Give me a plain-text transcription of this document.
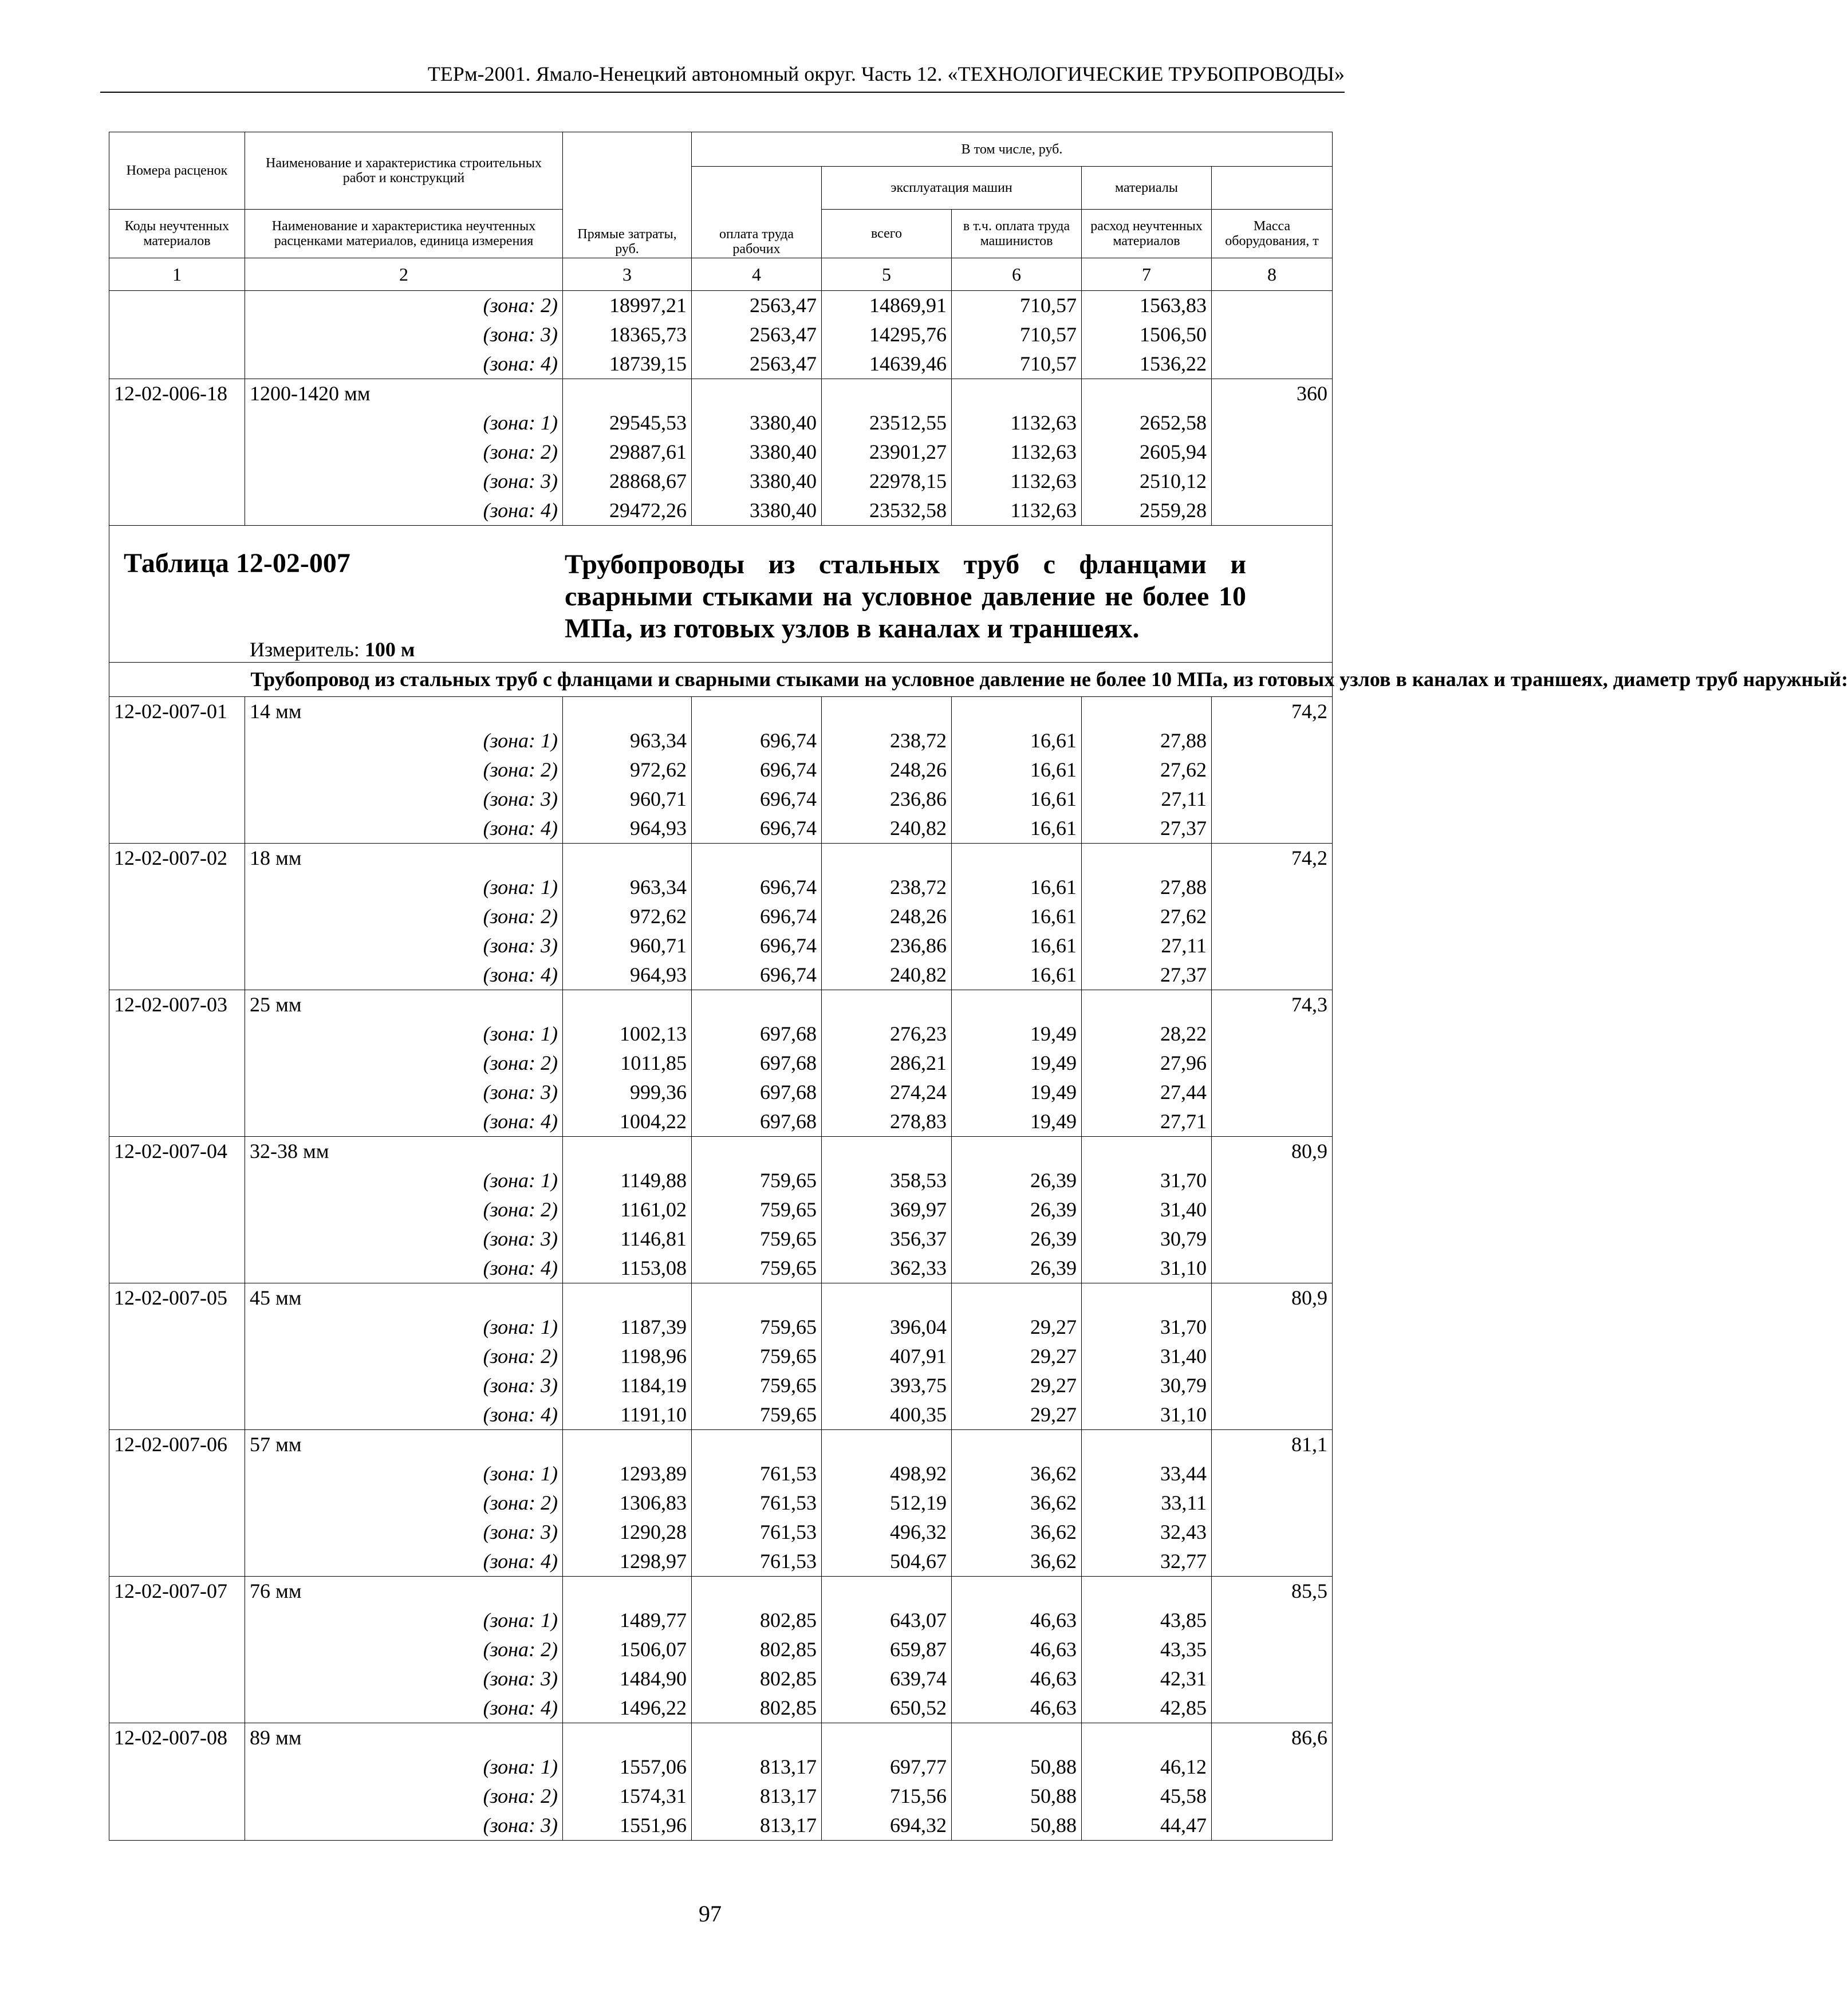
ТЕРм-2001. Ямало-Ненецкий автономный округ. Часть 12. «ТЕХНОЛОГИЧЕСКИЕ ТРУБОПРОВОДЫ»
Номера расценок	Наименование и характеристика строительных работ и конструкций	Прямые затраты, руб.	В том числе, руб.	

			оплата труда рабочих	эксплуатация машин		материалы		
Коды неучтенных материалов	Наименование и характеристика неучтенных расценками материалов, единица измерения			всего	в т.ч. оплата труда машинистов	расход неучтенных материалов	Масса оборудования, т	
1	2	3	4	5	6	7	8	
	(зона: 2)	18997,21	2563,47	14869,91	710,57	1563,83		
	(зона: 3)	18365,73	2563,47	14295,76	710,57	1506,50		
	(зона: 4)	18739,15	2563,47	14639,46	710,57	1536,22		
12-02-006-18	1200-1420 мм						360	
	(зона: 1)	29545,53	3380,40	23512,55	1132,63	2652,58		
	(зона: 2)	29887,61	3380,40	23901,27	1132,63	2605,94		
	(зона: 3)	28868,67	3380,40	22978,15	1132,63	2510,12		
	(зона: 4)	29472,26	3380,40	23532,58	1132,63	2559,28		

Таблица 12-02-007 Трубопроводы из стальных труб с фланцами и сварными стыками на условное давление не более 10 МПа, из готовых узлов в каналах и траншеях.
Измеритель: 100 м								

	Трубопровод из стальных труб с фланцами и сварными стыками на условное давление не более 10 МПа, из готовых узлов в каналах и траншеях, диаметр труб наружный:							
12-02-007-01	14 мм						74,2	
	(зона: 1)	963,34	696,74	238,72	16,61	27,88		
	(зона: 2)	972,62	696,74	248,26	16,61	27,62		
	(зона: 3)	960,71	696,74	236,86	16,61	27,11		
	(зона: 4)	964,93	696,74	240,82	16,61	27,37		
12-02-007-02	18 мм						74,2	
	(зона: 1)	963,34	696,74	238,72	16,61	27,88		
	(зона: 2)	972,62	696,74	248,26	16,61	27,62		
	(зона: 3)	960,71	696,74	236,86	16,61	27,11		
	(зона: 4)	964,93	696,74	240,82	16,61	27,37		
12-02-007-03	25 мм						74,3	
	(зона: 1)	1002,13	697,68	276,23	19,49	28,22		
	(зона: 2)	1011,85	697,68	286,21	19,49	27,96		
	(зона: 3)	999,36	697,68	274,24	19,49	27,44		
	(зона: 4)	1004,22	697,68	278,83	19,49	27,71		
12-02-007-04	32-38 мм						80,9	
	(зона: 1)	1149,88	759,65	358,53	26,39	31,70		
	(зона: 2)	1161,02	759,65	369,97	26,39	31,40		
	(зона: 3)	1146,81	759,65	356,37	26,39	30,79		
	(зона: 4)	1153,08	759,65	362,33	26,39	31,10		
12-02-007-05	45 мм						80,9	
	(зона: 1)	1187,39	759,65	396,04	29,27	31,70		
	(зона: 2)	1198,96	759,65	407,91	29,27	31,40		
	(зона: 3)	1184,19	759,65	393,75	29,27	30,79		
	(зона: 4)	1191,10	759,65	400,35	29,27	31,10		
12-02-007-06	57 мм						81,1	
	(зона: 1)	1293,89	761,53	498,92	36,62	33,44		
	(зона: 2)	1306,83	761,53	512,19	36,62	33,11		
	(зона: 3)	1290,28	761,53	496,32	36,62	32,43		
	(зона: 4)	1298,97	761,53	504,67	36,62	32,77		
12-02-007-07	76 мм						85,5	
	(зона: 1)	1489,77	802,85	643,07	46,63	43,85		
	(зона: 2)	1506,07	802,85	659,87	46,63	43,35		
	(зона: 3)	1484,90	802,85	639,74	46,63	42,31		
	(зона: 4)	1496,22	802,85	650,52	46,63	42,85		
12-02-007-08	89 мм						86,6	
	(зона: 1)	1557,06	813,17	697,77	50,88	46,12		
	(зона: 2)	1574,31	813,17	715,56	50,88	45,58		
	(зона: 3)	1551,96	813,17	694,32	50,88	44,47		
97
